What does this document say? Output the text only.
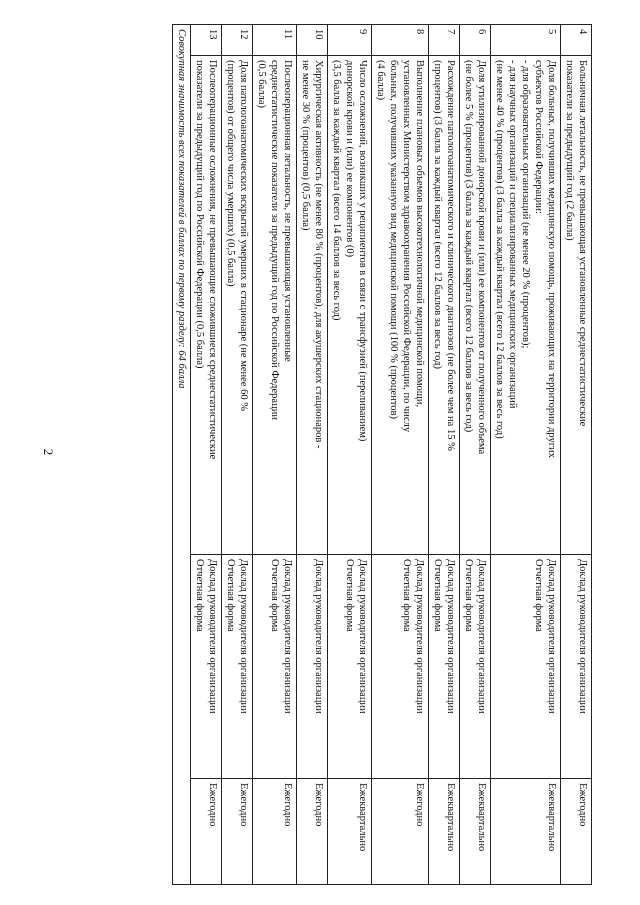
2
4	Больничная летальность, не превышающая установленные среднестатистические
показатели за предыдущий год (2 балла)	Доклад руководителя организации	Ежегодно
5	Доля больных, получивших медицинскую помощь, проживающих на территории других
субъектов Российской Федерации:
- для образовательных организаций (не менее 20 % (процентов);
- для научных организаций и специализированных медицинских организаций
(не менее 40 % (процентов) (3 балла за каждый квартал (всего 12 баллов за весь год)	Доклад руководителя организации
Отчетная форма	Ежеквартально
6	Доля утилизированной донорской крови и (или) ее компонентов от полученного объема
(не более 5 % (процентов) (3 балла за каждый квартал (всего 12 баллов за весь год)	Доклад руководителя организации
Отчетная форма	Ежеквартально
7	Расхождение патологоанатомического и клинического диагнозов (не более чем на 15 %
(процентов) (3 балла за каждый квартал (всего 12 баллов за весь год)	Доклад руководителя организации
Отчетная форма	Ежеквартально
8	Выполнение плановых объемов высокотехнологичной медицинской помощи,
установленных Министерством здравоохранения Российской Федерации, по числу
больных, получивших указанную вид медицинской помощи (100 % (процентов)
(4 балла)	Доклад руководителя организации
Отчетная форма	Ежегодно
9	Число осложнений, возникших у реципиентов в связи с трансфузией (переливанием)
донорской крови и (или) ее компонентов (0)
(3,5 балла за каждый квартал (всего 14 баллов за весь год)	Доклад руководителя организации
Отчетная форма	Ежеквартально
10	Хирургическая активность (не менее 80 % (процентов), для акушерских стационаров -
не менее 30 % (процентов) (0,5 балла)	Доклад руководителя организации	Ежегодно
11	Послеоперационная летальность, не превышающая установленные
среднестатистические показатели за предыдущий год по Российской Федерации
(0,5 балла)	Доклад руководителя организации
Отчетная форма	Ежегодно
12	Доля патологоанатомических вскрытий умерших в стационаре (не менее 60 %
(процентов) от общего числа умерших) (0,5 балла)	Доклад руководителя организации
Отчетная форма	Ежегодно
13	Послеоперационные осложнения, не превышающие сложившиеся среднестатистические
показатели за предыдущий год по Российской Федерации (0,5 балла)	Доклад руководителя организации
Отчетная форма	Ежегодно
Совокупная значимость всех показателей в баллах по первому разделу: 64 балла			
